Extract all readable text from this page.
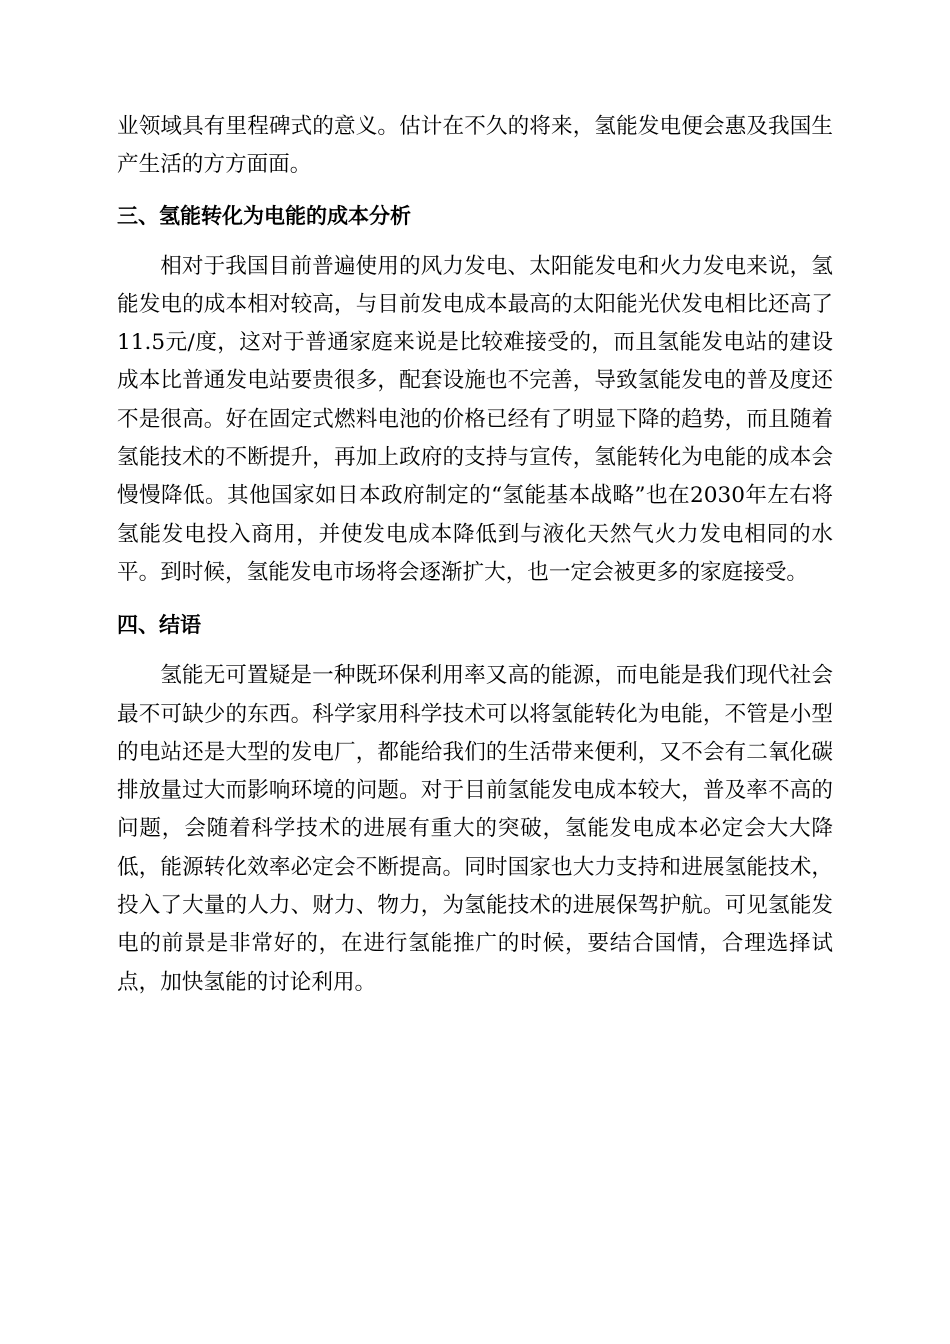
业领域具有里程碑式的意义。估计在不久的将来，氢能发电便会惠及我国生产生活的方方面面。

三、氢能转化为电能的成本分析

相对于我国目前普遍使用的风力发电、太阳能发电和火力发电来说，氢能发电的成本相对较高，与目前发电成本最高的太阳能光伏发电相比还高了11.5元/度，这对于普通家庭来说是比较难接受的，而且氢能发电站的建设成本比普通发电站要贵很多，配套设施也不完善，导致氢能发电的普及度还不是很高。好在固定式燃料电池的价格已经有了明显下降的趋势，而且随着氢能技术的不断提升，再加上政府的支持与宣传，氢能转化为电能的成本会慢慢降低。其他国家如日本政府制定的“氢能基本战略”也在2030年左右将氢能发电投入商用，并使发电成本降低到与液化天然气火力发电相同的水平。到时候，氢能发电市场将会逐渐扩大，也一定会被更多的家庭接受。

四、结语

氢能无可置疑是一种既环保利用率又高的能源，而电能是我们现代社会最不可缺少的东西。科学家用科学技术可以将氢能转化为电能，不管是小型的电站还是大型的发电厂，都能给我们的生活带来便利，又不会有二氧化碳排放量过大而影响环境的问题。对于目前氢能发电成本较大，普及率不高的问题，会随着科学技术的进展有重大的突破，氢能发电成本必定会大大降低，能源转化效率必定会不断提高。同时国家也大力支持和进展氢能技术，投入了大量的人力、财力、物力，为氢能技术的进展保驾护航。可见氢能发电的前景是非常好的，在进行氢能推广的时候，要结合国情，合理选择试点，加快氢能的讨论利用。
